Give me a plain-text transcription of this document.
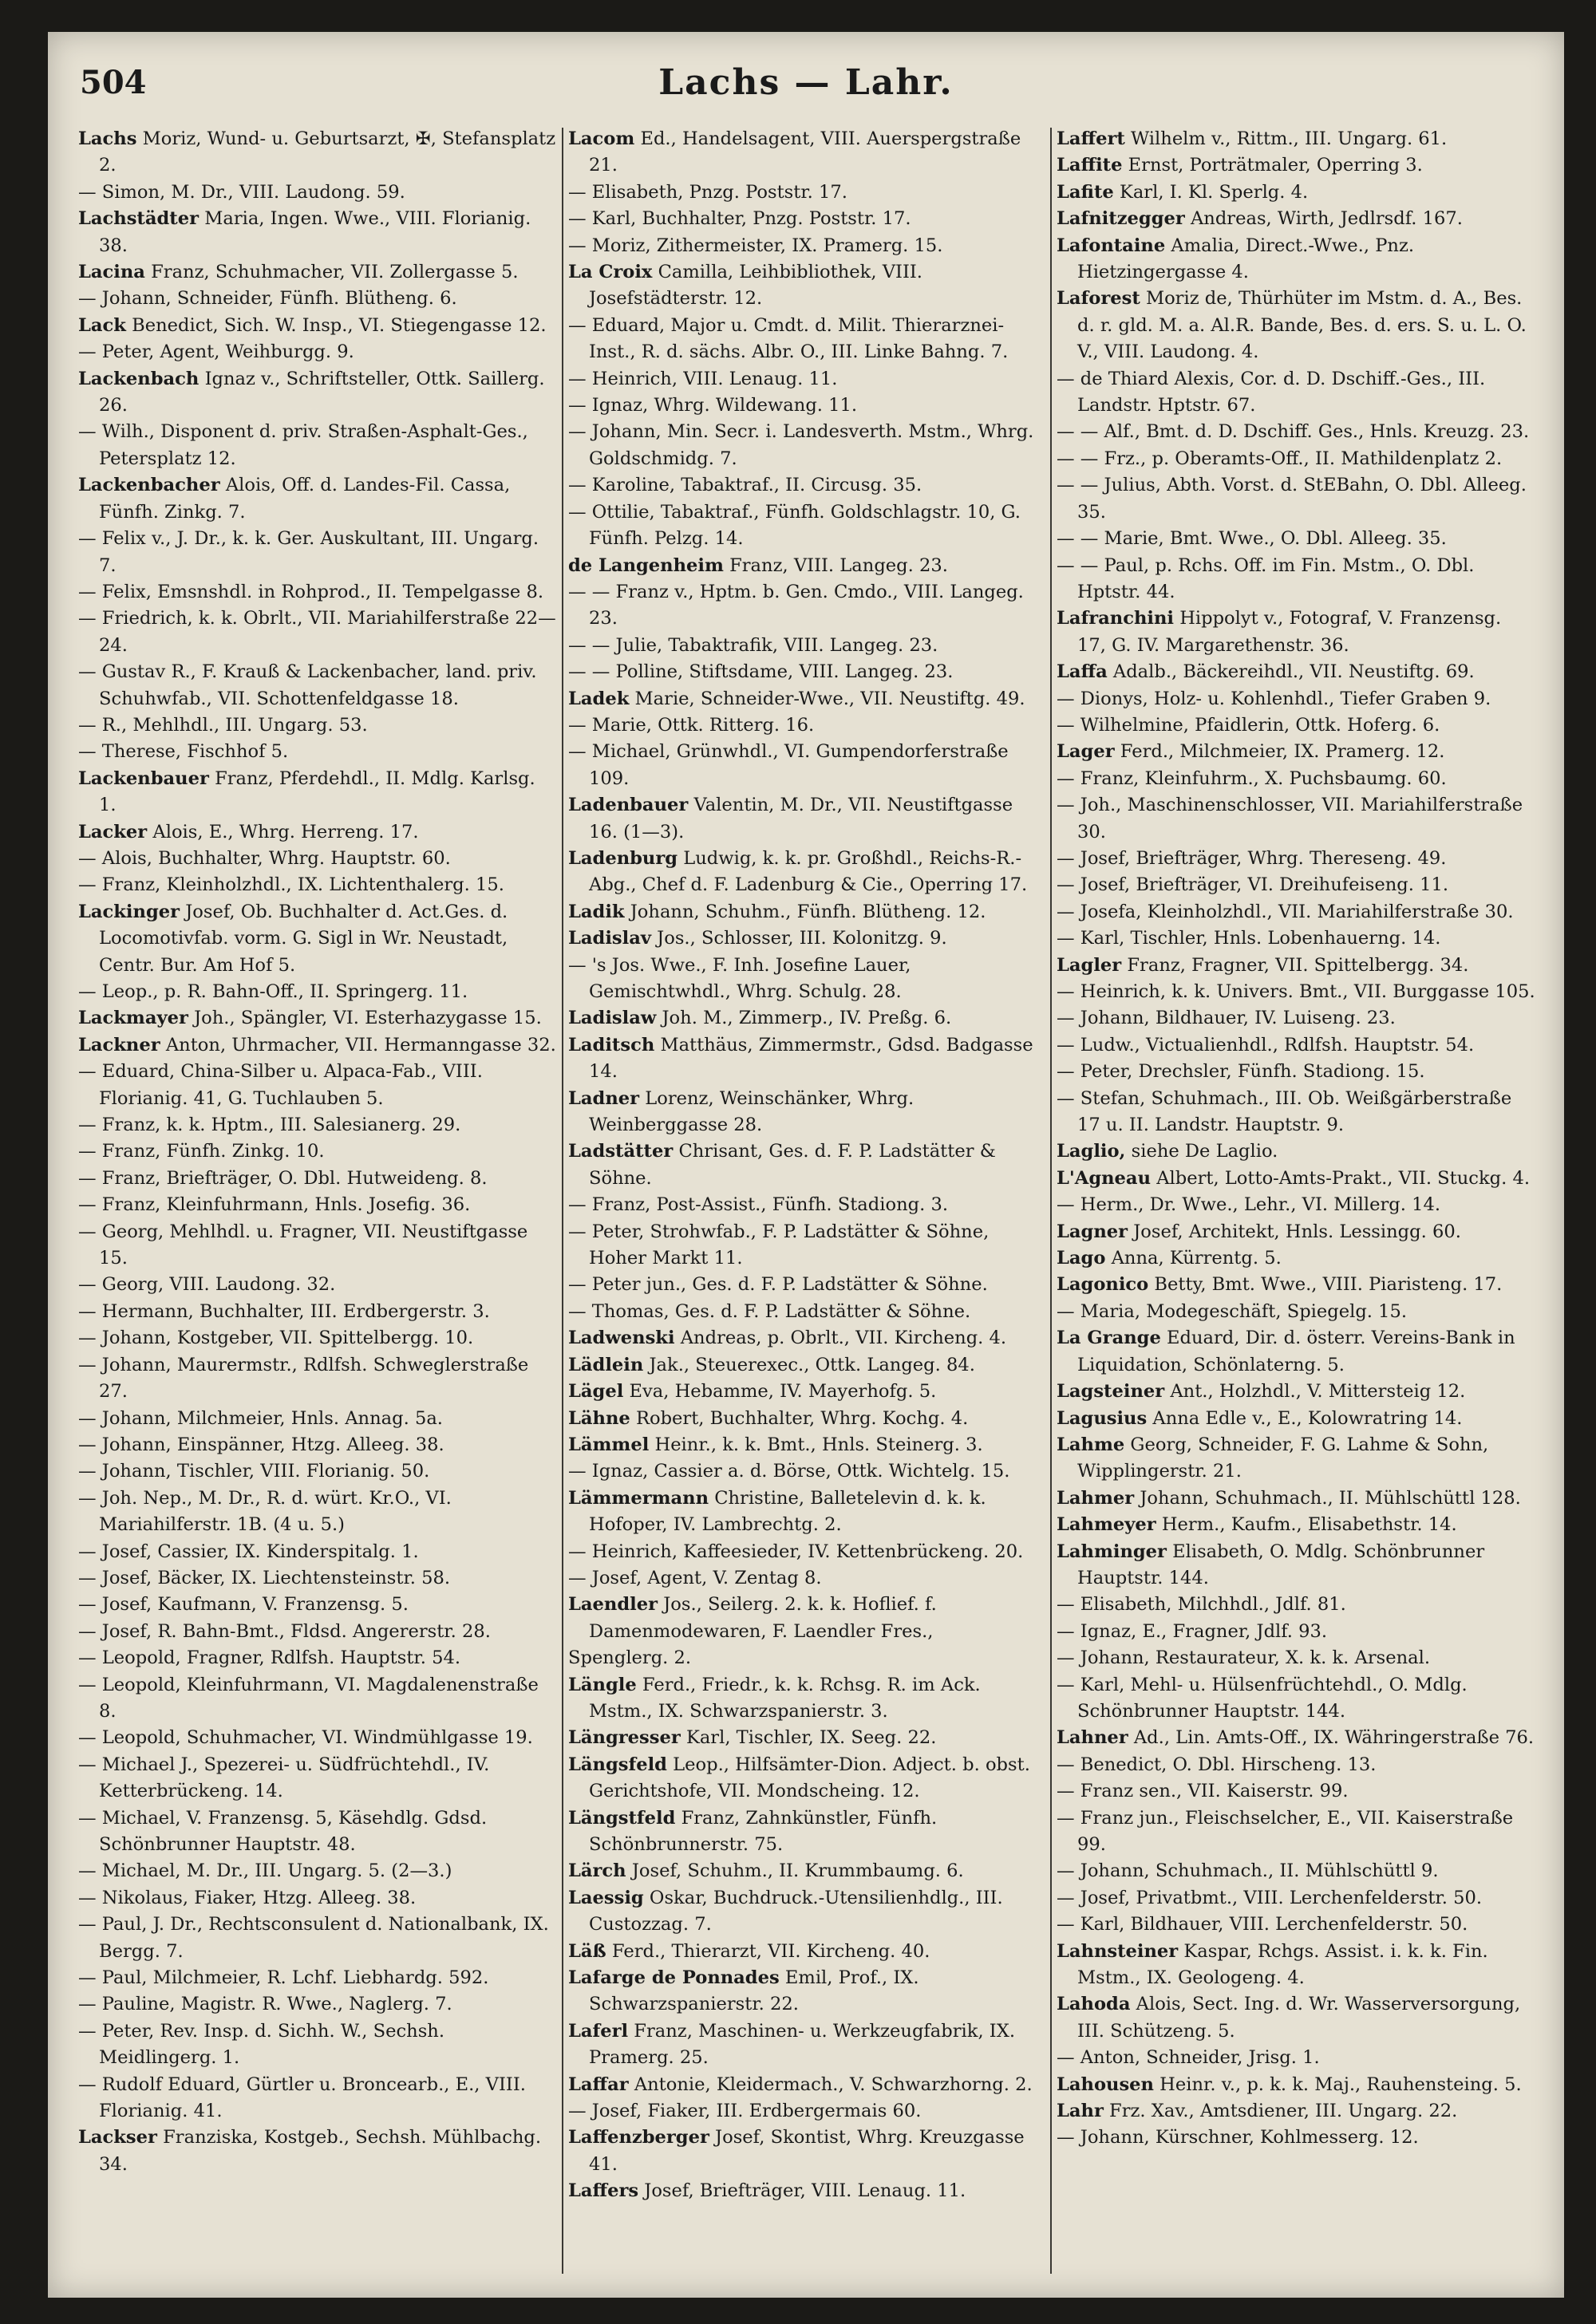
504	Lachs — Lahr.

Lachs Moriz, Wund- u. Geburtsarzt, ✠, Stefansplatz 2.

— Simon, M. Dr., VIII. Laudong. 59.

Lachstädter Maria, Ingen. Wwe., VIII. Florianig. 38.

Lacina Franz, Schuhmacher, VII. Zollergasse 5.

— Johann, Schneider, Fünfh. Blütheng. 6.

Lack Benedict, Sich. W. Insp., VI. Stiegengasse 12.

— Peter, Agent, Weihburgg. 9.

Lackenbach Ignaz v., Schriftsteller, Ottk. Saillerg. 26.

— Wilh., Disponent d. priv. Straßen-Asphalt-Ges., Petersplatz 12.

Lackenbacher Alois, Off. d. Landes-Fil. Cassa, Fünfh. Zinkg. 7.

— Felix v., J. Dr., k. k. Ger. Auskultant, III. Ungarg. 7.

— Felix, Emsnshdl. in Rohprod., II. Tempelgasse 8.

— Friedrich, k. k. Obrlt., VII. Mariahilferstraße 22—24.

— Gustav R., F. Krauß & Lackenbacher, land. priv. Schuhwfab., VII. Schottenfeldgasse 18.

— R., Mehlhdl., III. Ungarg. 53.

— Therese, Fischhof 5.

Lackenbauer Franz, Pferdehdl., II. Mdlg. Karlsg. 1.

Lacker Alois, E., Whrg. Herreng. 17.

— Alois, Buchhalter, Whrg. Hauptstr. 60.

— Franz, Kleinholzhdl., IX. Lichtenthalerg. 15.

Lackinger Josef, Ob. Buchhalter d. Act.Ges. d. Locomotivfab. vorm. G. Sigl in Wr. Neustadt, Centr. Bur. Am Hof 5.

— Leop., p. R. Bahn-Off., II. Springerg. 11.

Lackmayer Joh., Spängler, VI. Esterhazygasse 15.

Lackner Anton, Uhrmacher, VII. Hermanngasse 32.

— Eduard, China-Silber u. Alpaca-Fab., VIII. Florianig. 41, G. Tuchlauben 5.

— Franz, k. k. Hptm., III. Salesianerg. 29.

— Franz, Fünfh. Zinkg. 10.

— Franz, Briefträger, O. Dbl. Hutweideng. 8.

— Franz, Kleinfuhrmann, Hnls. Josefig. 36.

— Georg, Mehlhdl. u. Fragner, VII. Neustiftgasse 15.

— Georg, VIII. Laudong. 32.

— Hermann, Buchhalter, III. Erdbergerstr. 3.

— Johann, Kostgeber, VII. Spittelbergg. 10.

— Johann, Maurermstr., Rdlfsh. Schweglerstraße 27.

— Johann, Milchmeier, Hnls. Annag. 5a.

— Johann, Einspänner, Htzg. Alleeg. 38.

— Johann, Tischler, VIII. Florianig. 50.

— Joh. Nep., M. Dr., R. d. würt. Kr.O., VI. Mariahilferstr. 1B. (4 u. 5.)

— Josef, Cassier, IX. Kinderspitalg. 1.

— Josef, Bäcker, IX. Liechtensteinstr. 58.

— Josef, Kaufmann, V. Franzensg. 5.

— Josef, R. Bahn-Bmt., Fldsd. Angererstr. 28.

— Leopold, Fragner, Rdlfsh. Hauptstr. 54.

— Leopold, Kleinfuhrmann, VI. Magdalenenstraße 8.

— Leopold, Schuhmacher, VI. Windmühlgasse 19.

— Michael J., Spezerei- u. Südfrüchtehdl., IV. Ketterbrückeng. 14.

— Michael, V. Franzensg. 5, Käsehdlg. Gdsd. Schönbrunner Hauptstr. 48.

— Michael, M. Dr., III. Ungarg. 5. (2—3.)

— Nikolaus, Fiaker, Htzg. Alleeg. 38.

— Paul, J. Dr., Rechtsconsulent d. Nationalbank, IX. Bergg. 7.

— Paul, Milchmeier, R. Lchf. Liebhardg. 592.

— Pauline, Magistr. R. Wwe., Naglerg. 7.

— Peter, Rev. Insp. d. Sichh. W., Sechsh. Meidlingerg. 1.

— Rudolf Eduard, Gürtler u. Broncearb., E., VIII. Florianig. 41.

Lackser Franziska, Kostgeb., Sechsh. Mühlbachg. 34.

Lacom Ed., Handelsagent, VIII. Auerspergstraße 21.

— Elisabeth, Pnzg. Poststr. 17.

— Karl, Buchhalter, Pnzg. Poststr. 17.

— Moriz, Zithermeister, IX. Pramerg. 15.

La Croix Camilla, Leihbibliothek, VIII. Josefstädterstr. 12.

— Eduard, Major u. Cmdt. d. Milit. Thierarznei-Inst., R. d. sächs. Albr. O., III. Linke Bahng. 7.

— Heinrich, VIII. Lenaug. 11.

— Ignaz, Whrg. Wildewang. 11.

— Johann, Min. Secr. i. Landesverth. Mstm., Whrg. Goldschmidg. 7.

— Karoline, Tabaktraf., II. Circusg. 35.

— Ottilie, Tabaktraf., Fünfh. Goldschlagstr. 10, G. Fünfh. Pelzg. 14.

de Langenheim Franz, VIII. Langeg. 23.

— — Franz v., Hptm. b. Gen. Cmdo., VIII. Langeg. 23.

— — Julie, Tabaktrafik, VIII. Langeg. 23.

— — Polline, Stiftsdame, VIII. Langeg. 23.

Ladek Marie, Schneider-Wwe., VII. Neustiftg. 49.

— Marie, Ottk. Ritterg. 16.

— Michael, Grünwhdl., VI. Gumpendorferstraße 109.

Ladenbauer Valentin, M. Dr., VII. Neustiftgasse 16. (1—3).

Ladenburg Ludwig, k. k. pr. Großhdl., Reichs-R.-Abg., Chef d. F. Ladenburg & Cie., Operring 17.

Ladik Johann, Schuhm., Fünfh. Blütheng. 12.

Ladislav Jos., Schlosser, III. Kolonitzg. 9.

— 's Jos. Wwe., F. Inh. Josefine Lauer, Gemischtwhdl., Whrg. Schulg. 28.

Ladislaw Joh. M., Zimmerp., IV. Preßg. 6.

Laditsch Matthäus, Zimmermstr., Gdsd. Badgasse 14.

Ladner Lorenz, Weinschänker, Whrg. Weinberggasse 28.

Ladstätter Chrisant, Ges. d. F. P. Ladstätter & Söhne.

— Franz, Post-Assist., Fünfh. Stadiong. 3.

— Peter, Strohwfab., F. P. Ladstätter & Söhne, Hoher Markt 11.

— Peter jun., Ges. d. F. P. Ladstätter & Söhne.

— Thomas, Ges. d. F. P. Ladstätter & Söhne.

Ladwenski Andreas, p. Obrlt., VII. Kircheng. 4.

Lädlein Jak., Steuerexec., Ottk. Langeg. 84.

Lägel Eva, Hebamme, IV. Mayerhofg. 5.

Lähne Robert, Buchhalter, Whrg. Kochg. 4.

Lämmel Heinr., k. k. Bmt., Hnls. Steinerg. 3.

— Ignaz, Cassier a. d. Börse, Ottk. Wichtelg. 15.

Lämmermann Christine, Balletelevin d. k. k. Hofoper, IV. Lambrechtg. 2.

— Heinrich, Kaffeesieder, IV. Kettenbrückeng. 20.

— Josef, Agent, V. Zentag 8.

Laendler Jos., Seilerg. 2. k. k. Hoflief. f. Damenmodewaren, F. Laendler Fres.,

Spenglerg. 2.

Längle Ferd., Friedr., k. k. Rchsg. R. im Ack. Mstm., IX. Schwarzspanierstr. 3.

Längresser Karl, Tischler, IX. Seeg. 22.

Längsfeld Leop., Hilfsämter-Dion. Adject. b. obst. Gerichtshofe, VII. Mondscheing. 12.

Längstfeld Franz, Zahnkünstler, Fünfh. Schönbrunnerstr. 75.

Lärch Josef, Schuhm., II. Krummbaumg. 6.

Laessig Oskar, Buchdruck.-Utensilienhdlg., III. Custozzag. 7.

Läß Ferd., Thierarzt, VII. Kircheng. 40.

Lafarge de Ponnades Emil, Prof., IX. Schwarzspanierstr. 22.

Laferl Franz, Maschinen- u. Werkzeugfabrik, IX. Pramerg. 25.

Laffar Antonie, Kleidermach., V. Schwarzhorng. 2.

— Josef, Fiaker, III. Erdbergermais 60.

Laffenzberger Josef, Skontist, Whrg. Kreuzgasse 41.

Laffers Josef, Briefträger, VIII. Lenaug. 11.

Laffert Wilhelm v., Rittm., III. Ungarg. 61.

Laffite Ernst, Porträtmaler, Operring 3.

Lafite Karl, I. Kl. Sperlg. 4.

Lafnitzegger Andreas, Wirth, Jedlrsdf. 167.

Lafontaine Amalia, Direct.-Wwe., Pnz. Hietzingergasse 4.

Laforest Moriz de, Thürhüter im Mstm. d. A., Bes. d. r. gld. M. a. Al.R. Bande, Bes. d. ers. S. u. L. O. V., VIII. Laudong. 4.

— de Thiard Alexis, Cor. d. D. Dschiff.-Ges., III. Landstr. Hptstr. 67.

— — Alf., Bmt. d. D. Dschiff. Ges., Hnls. Kreuzg. 23.

— — Frz., p. Oberamts-Off., II. Mathildenplatz 2.

— — Julius, Abth. Vorst. d. StEBahn, O. Dbl. Alleeg. 35.

— — Marie, Bmt. Wwe., O. Dbl. Alleeg. 35.

— — Paul, p. Rchs. Off. im Fin. Mstm., O. Dbl. Hptstr. 44.

Lafranchini Hippolyt v., Fotograf, V. Franzensg. 17, G. IV. Margarethenstr. 36.

Laffa Adalb., Bäckereihdl., VII. Neustiftg. 69.

— Dionys, Holz- u. Kohlenhdl., Tiefer Graben 9.

— Wilhelmine, Pfaidlerin, Ottk. Hoferg. 6.

Lager Ferd., Milchmeier, IX. Pramerg. 12.

— Franz, Kleinfuhrm., X. Puchsbaumg. 60.

— Joh., Maschinenschlosser, VII. Mariahilferstraße 30.

— Josef, Briefträger, Whrg. Thereseng. 49.

— Josef, Briefträger, VI. Dreihufeiseng. 11.

— Josefa, Kleinholzhdl., VII. Mariahilferstraße 30.

— Karl, Tischler, Hnls. Lobenhauerng. 14.

Lagler Franz, Fragner, VII. Spittelbergg. 34.

— Heinrich, k. k. Univers. Bmt., VII. Burggasse 105.

— Johann, Bildhauer, IV. Luiseng. 23.

— Ludw., Victualienhdl., Rdlfsh. Hauptstr. 54.

— Peter, Drechsler, Fünfh. Stadiong. 15.

— Stefan, Schuhmach., III. Ob. Weißgärberstraße 17 u. II. Landstr. Hauptstr. 9.

Laglio, siehe De Laglio.

L'Agneau Albert, Lotto-Amts-Prakt., VII. Stuckg. 4.

— Herm., Dr. Wwe., Lehr., VI. Millerg. 14.

Lagner Josef, Architekt, Hnls. Lessingg. 60.

Lago Anna, Kürrentg. 5.

Lagonico Betty, Bmt. Wwe., VIII. Piaristeng. 17.

— Maria, Modegeschäft, Spiegelg. 15.

La Grange Eduard, Dir. d. österr. Vereins-Bank in Liquidation, Schönlaterng. 5.

Lagsteiner Ant., Holzhdl., V. Mittersteig 12.

Lagusius Anna Edle v., E., Kolowratring 14.

Lahme Georg, Schneider, F. G. Lahme & Sohn, Wipplingerstr. 21.

Lahmer Johann, Schuhmach., II. Mühlschüttl 128.

Lahmeyer Herm., Kaufm., Elisabethstr. 14.

Lahminger Elisabeth, O. Mdlg. Schönbrunner Hauptstr. 144.

— Elisabeth, Milchhdl., Jdlf. 81.

— Ignaz, E., Fragner, Jdlf. 93.

— Johann, Restaurateur, X. k. k. Arsenal.

— Karl, Mehl- u. Hülsenfrüchtehdl., O. Mdlg. Schönbrunner Hauptstr. 144.

Lahner Ad., Lin. Amts-Off., IX. Währingerstraße 76.

— Benedict, O. Dbl. Hirscheng. 13.

— Franz sen., VII. Kaiserstr. 99.

— Franz jun., Fleischselcher, E., VII. Kaiserstraße 99.

— Johann, Schuhmach., II. Mühlschüttl 9.

— Josef, Privatbmt., VIII. Lerchenfelderstr. 50.

— Karl, Bildhauer, VIII. Lerchenfelderstr. 50.

Lahnsteiner Kaspar, Rchgs. Assist. i. k. k. Fin. Mstm., IX. Geologeng. 4.

Lahoda Alois, Sect. Ing. d. Wr. Wasserversorgung, III. Schützeng. 5.

— Anton, Schneider, Jrisg. 1.

Lahousen Heinr. v., p. k. k. Maj., Rauhensteing. 5.

Lahr Frz. Xav., Amtsdiener, III. Ungarg. 22.

— Johann, Kürschner, Kohlmesserg. 12.
